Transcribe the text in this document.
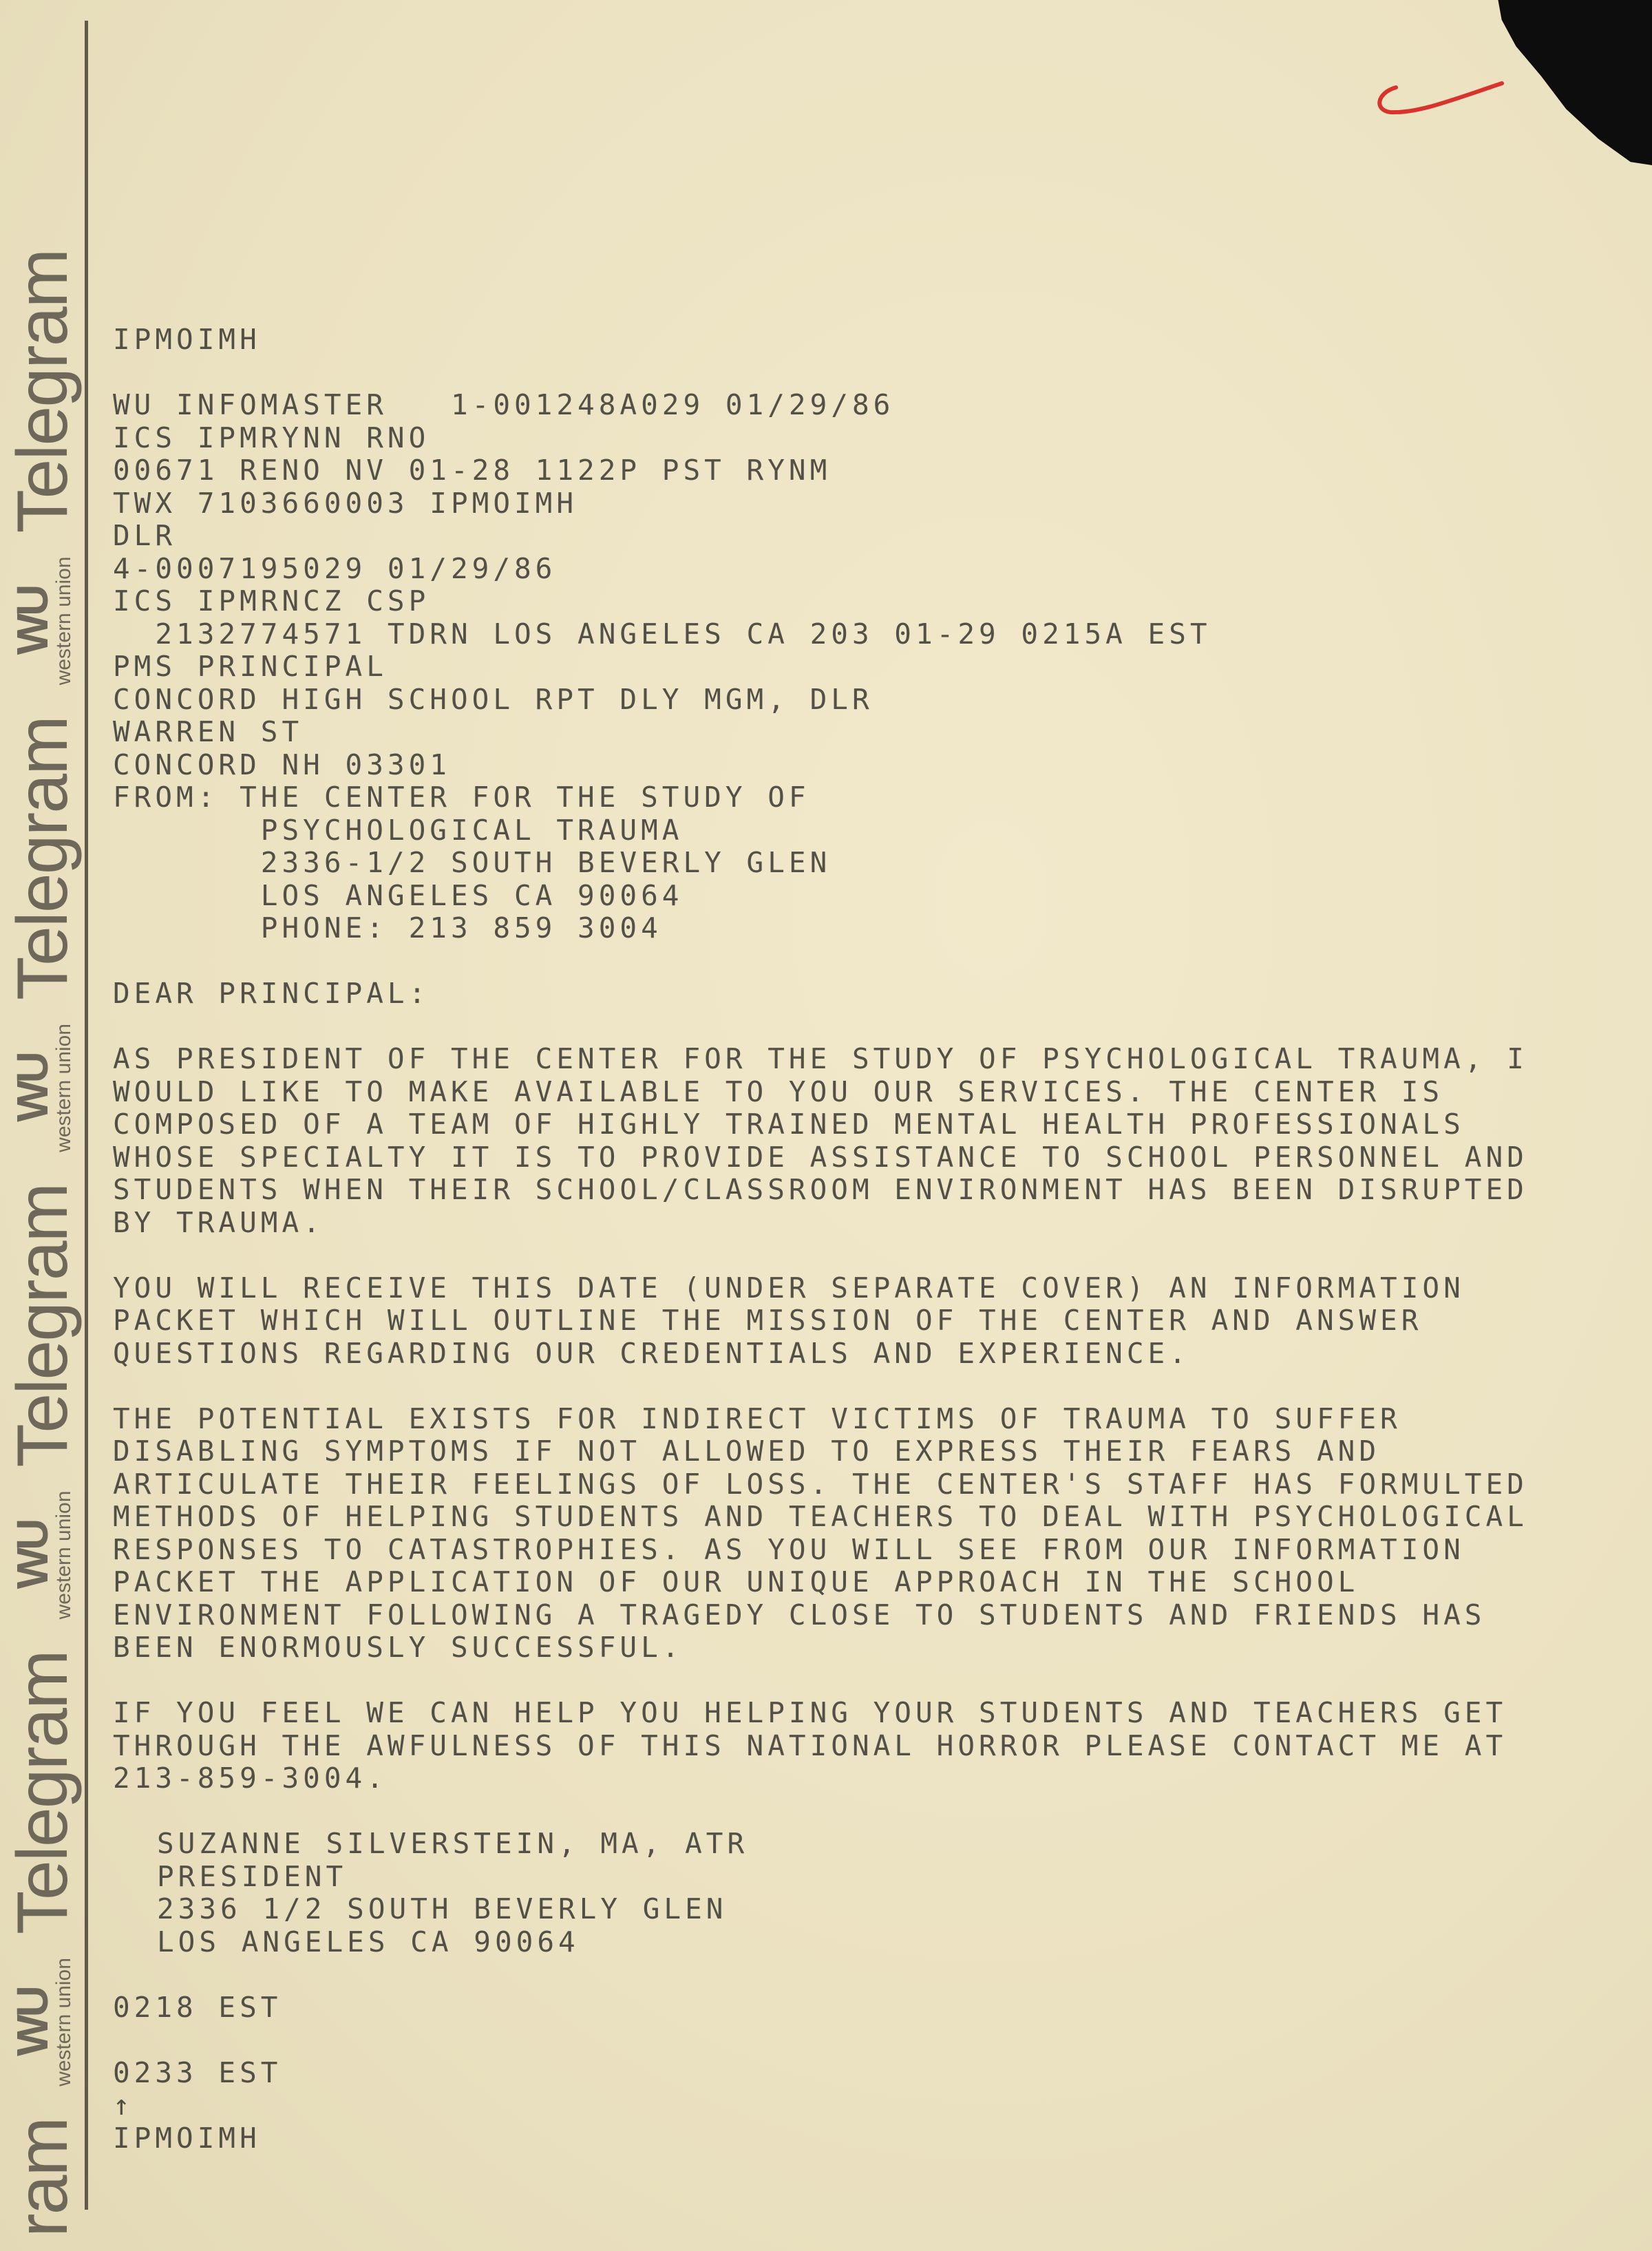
ram
WU
western union
Telegram
WU
western union
Telegram
WU
western union
Telegram
WU
western union
Telegram IPMOIMH
WU INFOMASTER   1-001248A029 01/29/86
ICS IPMRYNN RNO
00671 RENO NV 01-28 1122P PST RYNM
TWX 7103660003 IPMOIMH
DLR
4-0007195029 01/29/86
ICS IPMRNCZ CSP
2132774571 TDRN LOS ANGELES CA 203 01-29 0215A EST
PMS PRINCIPAL
CONCORD HIGH SCHOOL RPT DLY MGM, DLR
WARREN ST
CONCORD NH 03301
FROM: THE CENTER FOR THE STUDY OF
PSYCHOLOGICAL TRAUMA
2336-1/2 SOUTH BEVERLY GLEN
LOS ANGELES CA 90064
PHONE: 213 859 3004
DEAR PRINCIPAL:
AS PRESIDENT OF THE CENTER FOR THE STUDY OF PSYCHOLOGICAL TRAUMA, I
WOULD LIKE TO MAKE AVAILABLE TO YOU OUR SERVICES. THE CENTER IS
COMPOSED OF A TEAM OF HIGHLY TRAINED MENTAL HEALTH PROFESSIONALS
WHOSE SPECIALTY IT IS TO PROVIDE ASSISTANCE TO SCHOOL PERSONNEL AND
STUDENTS WHEN THEIR SCHOOL/CLASSROOM ENVIRONMENT HAS BEEN DISRUPTED
BY TRAUMA.
YOU WILL RECEIVE THIS DATE (UNDER SEPARATE COVER) AN INFORMATION
PACKET WHICH WILL OUTLINE THE MISSION OF THE CENTER AND ANSWER
QUESTIONS REGARDING OUR CREDENTIALS AND EXPERIENCE.
THE POTENTIAL EXISTS FOR INDIRECT VICTIMS OF TRAUMA TO SUFFER
DISABLING SYMPTOMS IF NOT ALLOWED TO EXPRESS THEIR FEARS AND
ARTICULATE THEIR FEELINGS OF LOSS. THE CENTER'S STAFF HAS FORMULTED
METHODS OF HELPING STUDENTS AND TEACHERS TO DEAL WITH PSYCHOLOGICAL
RESPONSES TO CATASTROPHIES. AS YOU WILL SEE FROM OUR INFORMATION
PACKET THE APPLICATION OF OUR UNIQUE APPROACH IN THE SCHOOL
ENVIRONMENT FOLLOWING A TRAGEDY CLOSE TO STUDENTS AND FRIENDS HAS
BEEN ENORMOUSLY SUCCESSFUL.
IF YOU FEEL WE CAN HELP YOU HELPING YOUR STUDENTS AND TEACHERS GET
THROUGH THE AWFULNESS OF THIS NATIONAL HORROR PLEASE CONTACT ME AT
213-859-3004.
SUZANNE SILVERSTEIN, MA, ATR
PRESIDENT
2336 1/2 SOUTH BEVERLY GLEN
LOS ANGELES CA 90064
0218 EST
0233 EST
↑
IPMOIMH
